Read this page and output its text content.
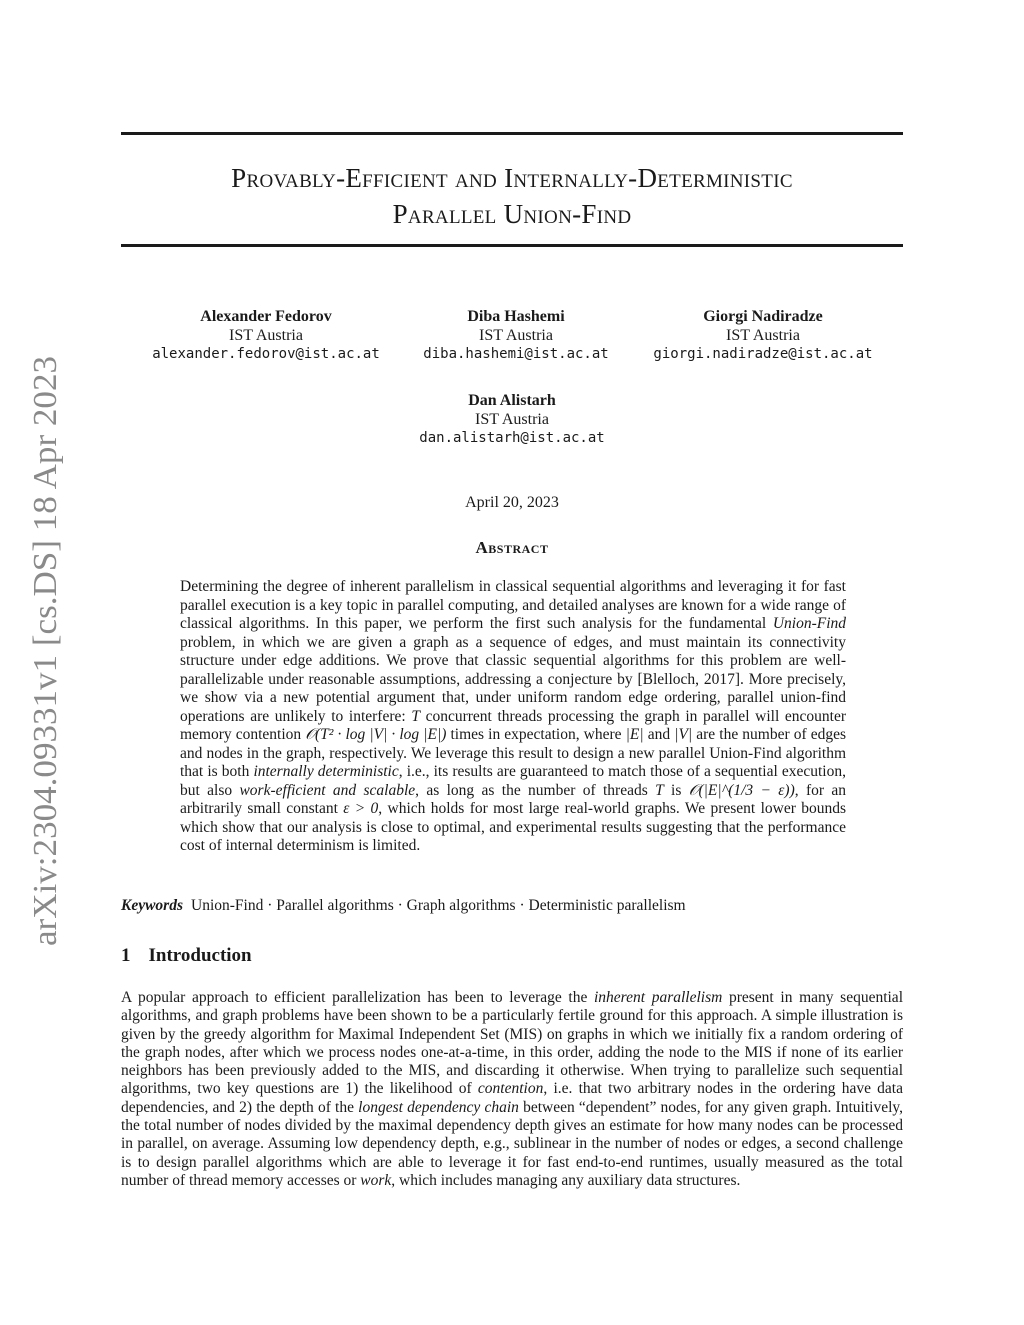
arXiv:2304.09331v1 [cs.DS] 18 Apr 2023
Provably-Efficient and Internally-Deterministic
Parallel Union-Find
Alexander Fedorov
IST Austria
alexander.fedorov@ist.ac.at
Diba Hashemi
IST Austria
diba.hashemi@ist.ac.at
Giorgi Nadiradze
IST Austria
giorgi.nadiradze@ist.ac.at
Dan Alistarh
IST Austria
dan.alistarh@ist.ac.at
April 20, 2023
Abstract

Determining the degree of inherent parallelism in classical sequential algorithms and leveraging it for fast parallel execution is a key topic in parallel computing, and detailed analyses are known for a wide range of classical algorithms. In this paper, we perform the first such analysis for the fundamental Union-Find problem, in which we are given a graph as a sequence of edges, and must maintain its connectivity structure under edge additions. We prove that classic sequential algorithms for this problem are well-parallelizable under reasonable assumptions, addressing a conjecture by [Blelloch, 2017]. More precisely, we show via a new potential argument that, under uniform random edge ordering, parallel union-find operations are unlikely to interfere: T concurrent threads processing the graph in parallel will encounter memory contention 𝒪(T² · log |V| · log |E|) times in expectation, where |E| and |V| are the number of edges and nodes in the graph, respectively. We leverage this result to design a new parallel Union-Find algorithm that is both internally deterministic, i.e., its results are guaranteed to match those of a sequential execution, but also work-efficient and scalable, as long as the number of threads T is 𝒪(|E|^(1/3 − ε)), for an arbitrarily small constant ε > 0, which holds for most large real-world graphs. We present lower bounds which show that our analysis is close to optimal, and experimental results suggesting that the performance cost of internal determinism is limited.

Keywords Union-Find · Parallel algorithms · Graph algorithms · Deterministic parallelism
1 Introduction

A popular approach to efficient parallelization has been to leverage the inherent parallelism present in many sequential algorithms, and graph problems have been shown to be a particularly fertile ground for this approach. A simple illustration is given by the greedy algorithm for Maximal Independent Set (MIS) on graphs in which we initially fix a random ordering of the graph nodes, after which we process nodes one-at-a-time, in this order, adding the node to the MIS if none of its earlier neighbors has been previously added to the MIS, and discarding it otherwise. When trying to parallelize such sequential algorithms, two key questions are 1) the likelihood of contention, i.e. that two arbitrary nodes in the ordering have data dependencies, and 2) the depth of the longest dependency chain between “dependent” nodes, for any given graph. Intuitively, the total number of nodes divided by the maximal dependency depth gives an estimate for how many nodes can be processed in parallel, on average. Assuming low dependency depth, e.g., sublinear in the number of nodes or edges, a second challenge is to design parallel algorithms which are able to leverage it for fast end-to-end runtimes, usually measured as the total number of thread memory accesses or work, which includes managing any auxiliary data structures.
